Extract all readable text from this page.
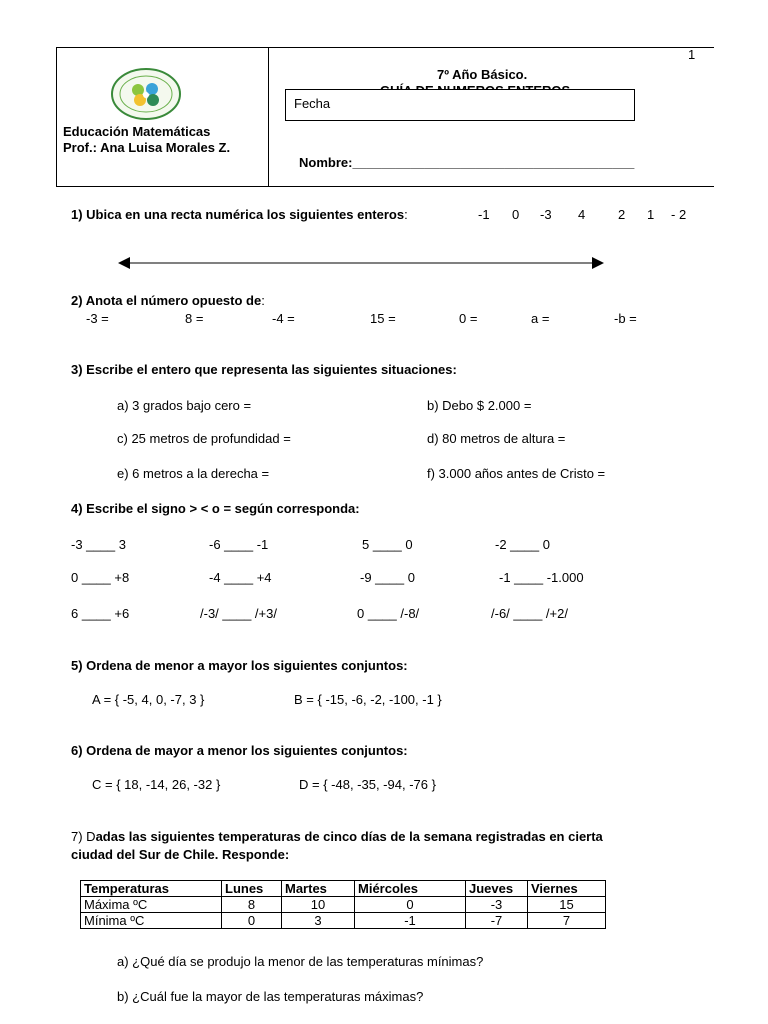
1
Educación Matemáticas
Prof.: Ana Luisa Morales Z.
7º Año Básico.
Fecha
Nombre:_______________________________________
1) Ubica en una recta numérica los siguientes enteros:	-1 0 -3 4	2 1 - 2
2) Anota el número opuesto de:
-3 =	8 =	-4 =	15 =	0 =	a =	-b =
3) Escribe el entero que representa las siguientes situaciones:
a) 3 grados bajo cero =	b) Debo $ 2.000 =
c) 25 metros de profundidad =	d) 80 metros de altura =
e) 6 metros a la derecha =	f) 3.000 años antes de Cristo =
4) Escribe el signo > < o = según corresponda:
-3 ____ 3	-6 ____ -1	5 ____ 0	-2 ____ 0
0 ____ +8	-4 ____ +4	-9 ____ 0	-1 ____ -1.000
6 ____ +6	/-3/ ____ /+3/	0 ____ /-8/	/-6/ ____ /+2/
5) Ordena de menor a mayor los siguientes conjuntos:
A = { -5, 4, 0, -7, 3 }	B = { -15, -6, -2, -100, -1 }
6) Ordena de mayor a menor los siguientes conjuntos:
C = { 18, -14, 26, -32 }	D = { -48, -35, -94, -76 }
7) Dadas las siguientes temperaturas de cinco días de la semana registradas en cierta
ciudad del Sur de Chile. Responde:
Temperaturas	Lunes	Martes	Miércoles	Jueves	Viernes
Máxima ºC	8	10	0	-3	15
Mínima ºC	0	3	-1	-7	7
a) ¿Qué día se produjo la menor de las temperaturas mínimas?
b) ¿Cuál fue la mayor de las temperaturas máximas?
